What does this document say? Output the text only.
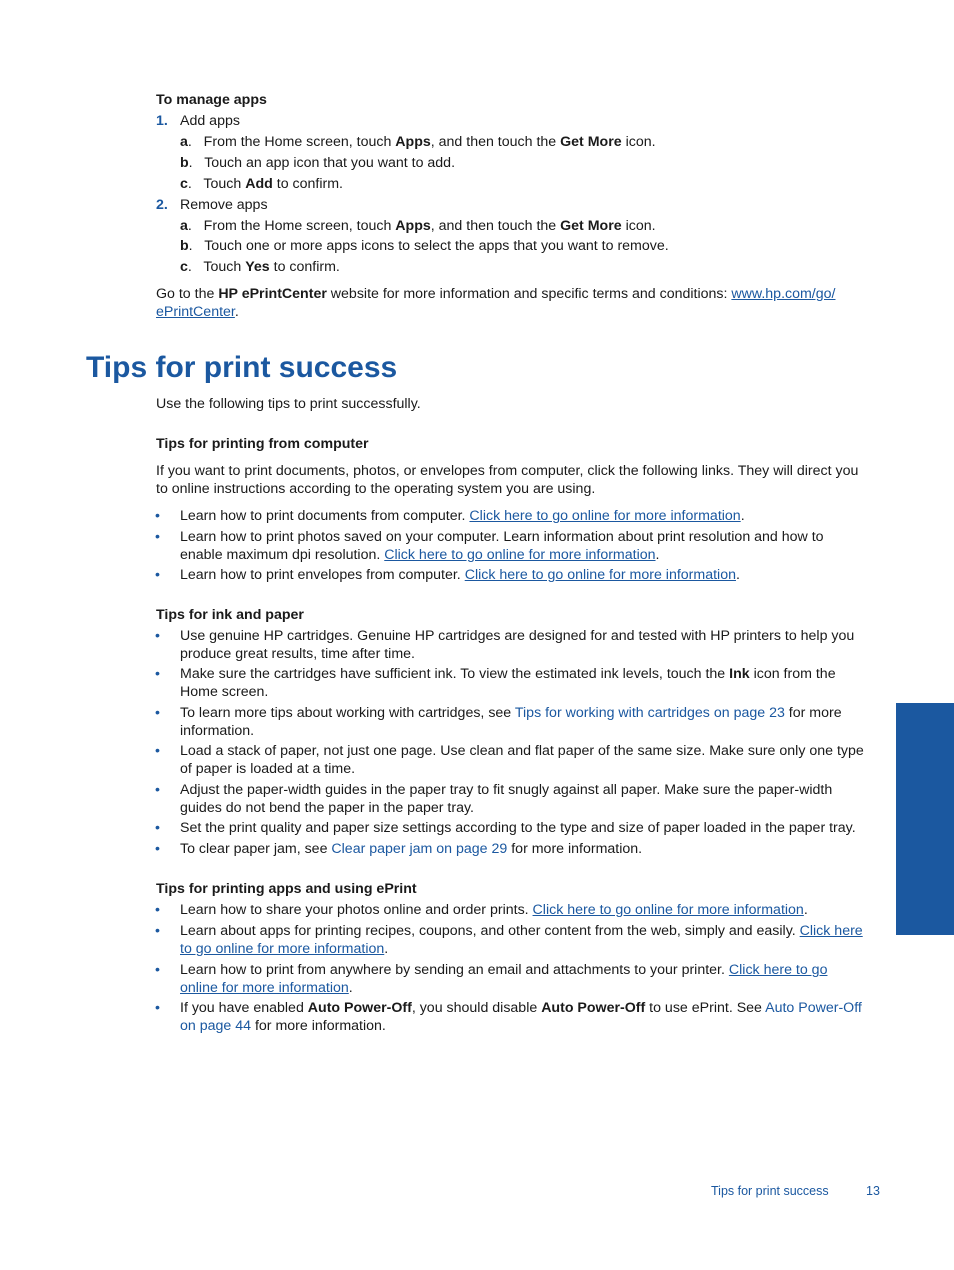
To manage apps
1. Add apps
a.   From the Home screen, touch Apps, and then touch the Get More icon.
b.   Touch an app icon that you want to add.
c.   Touch Add to confirm.
2. Remove apps
a.   From the Home screen, touch Apps, and then touch the Get More icon.
b.   Touch one or more apps icons to select the apps that you want to remove.
c.   Touch Yes to confirm.
Go to the HP ePrintCenter website for more information and specific terms and conditions: www.hp.com/go/
ePrintCenter.
Tips for print success
Use the following tips to print successfully.
Tips for printing from computer
If you want to print documents, photos, or envelopes from computer, click the following links. They will direct you
to online instructions according to the operating system you are using.
• Learn how to print documents from computer. Click here to go online for more information.
• Learn how to print photos saved on your computer. Learn information about print resolution and how to
enable maximum dpi resolution. Click here to go online for more information.
• Learn how to print envelopes from computer. Click here to go online for more information.
Tips for ink and paper
• Use genuine HP cartridges. Genuine HP cartridges are designed for and tested with HP printers to help you
produce great results, time after time.
• Make sure the cartridges have sufficient ink. To view the estimated ink levels, touch the Ink icon from the
Home screen.
• To learn more tips about working with cartridges, see Tips for working with cartridges on page 23 for more
information.
• Load a stack of paper, not just one page. Use clean and flat paper of the same size. Make sure only one type
of paper is loaded at a time.
• Adjust the paper-width guides in the paper tray to fit snugly against all paper. Make sure the paper-width
guides do not bend the paper in the paper tray.
• Set the print quality and paper size settings according to the type and size of paper loaded in the paper tray.
• To clear paper jam, see Clear paper jam on page 29 for more information.
Tips for printing apps and using ePrint
• Learn how to share your photos online and order prints. Click here to go online for more information.
• Learn about apps for printing recipes, coupons, and other content from the web, simply and easily. Click here
to go online for more information.
• Learn how to print from anywhere by sending an email and attachments to your printer. Click here to go
online for more information.
• If you have enabled Auto Power-Off, you should disable Auto Power-Off to use ePrint. See Auto Power-Off
on page 44 for more information.
Print
Tips for print success	13
